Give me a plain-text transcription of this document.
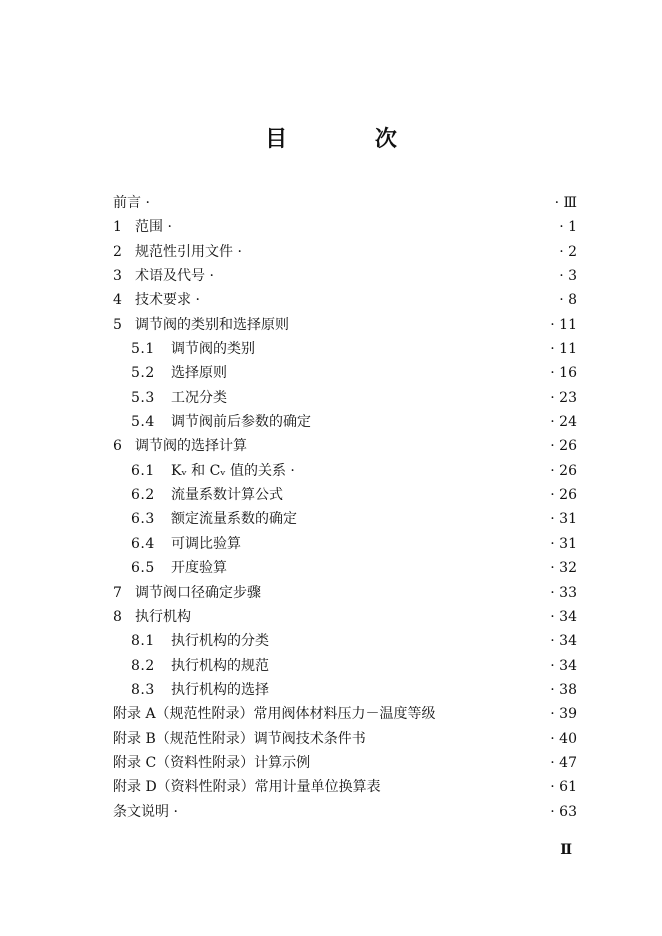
目 次
前言 ·	· Ⅲ
1 范围 ·	· 1
2 规范性引用文件 ·	· 2
3 术语及代号 ·	· 3
4 技术要求 ·	· 8
5 调节阀的类别和选择原则	· 11
5.1 调节阀的类别	· 11
5.2 选择原则	· 16
5.3 工况分类	· 23
5.4 调节阀前后参数的确定	· 24
6 调节阀的选择计算	· 26
6.1 Kᵥ 和 Cᵥ 值的关系 ·	· 26
6.2 流量系数计算公式	· 26
6.3 额定流量系数的确定	· 31
6.4 可调比验算	· 31
6.5 开度验算	· 32
7 调节阀口径确定步骤	· 33
8 执行机构	· 34
8.1 执行机构的分类	· 34
8.2 执行机构的规范	· 34
8.3 执行机构的选择	· 38
附录 A（规范性附录）常用阀体材料压力－温度等级	· 39
附录 B（规范性附录）调节阀技术条件书	· 40
附录 C（资料性附录）计算示例	· 47
附录 D（资料性附录）常用计量单位换算表	· 61
条文说明 ·	· 63
Ⅱ
